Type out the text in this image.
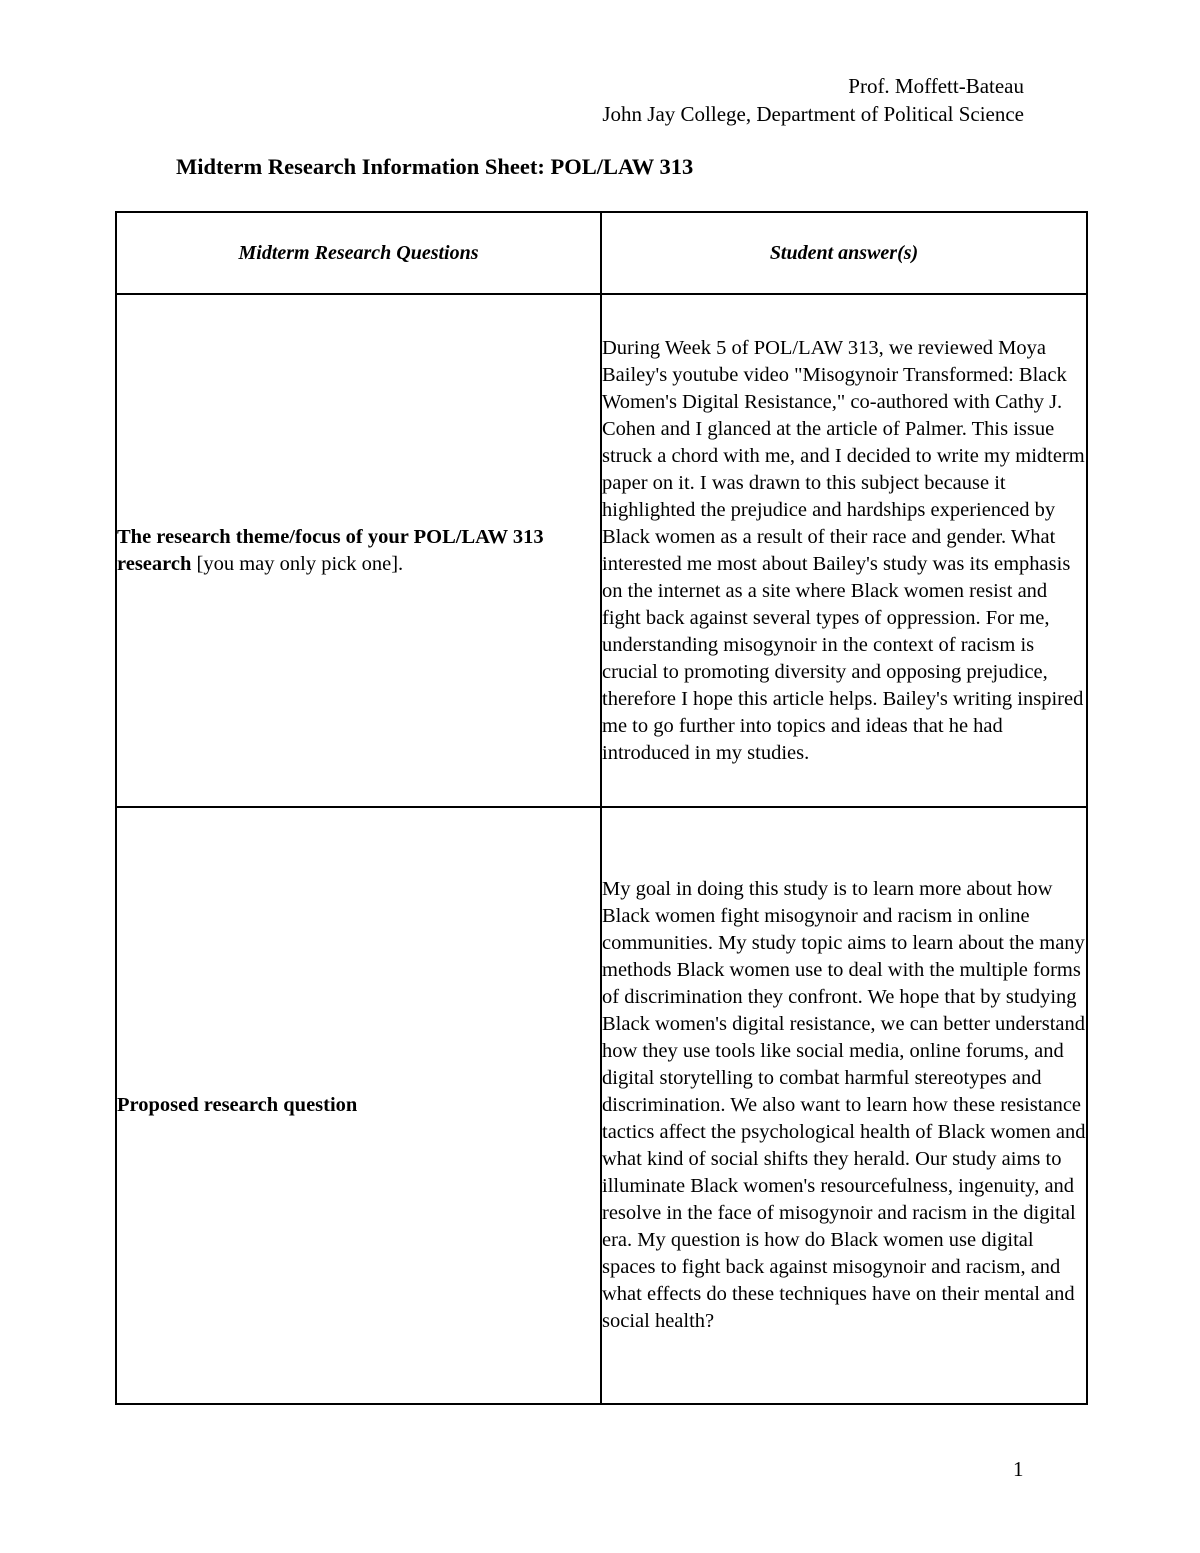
Prof. Moffett-Bateau
John Jay College, Department of Political Science
Midterm Research Information Sheet: POL/LAW 313
Midterm Research Questions	Student answer(s)
The research theme/focus of your POL/LAW 313 research [you may only pick one].	During Week 5 of POL/LAW 313, we reviewed Moya Bailey's youtube video "Misogynoir Transformed: Black Women's Digital Resistance," co-authored with Cathy J. Cohen and I glanced at the article of Palmer. This issue struck a chord with me, and I decided to write my midterm paper on it. I was drawn to this subject because it highlighted the prejudice and hardships experienced by Black women as a result of their race and gender. What interested me most about Bailey's study was its emphasis on the internet as a site where Black women resist and fight back against several types of oppression. For me, understanding misogynoir in the context of racism is crucial to promoting diversity and opposing prejudice, therefore I hope this article helps. Bailey's writing inspired me to go further into topics and ideas that he had introduced in my studies.
Proposed research question	My goal in doing this study is to learn more about how Black women fight misogynoir and racism in online communities. My study topic aims to learn about the many methods Black women use to deal with the multiple forms of discrimination they confront. We hope that by studying Black women's digital resistance, we can better understand how they use tools like social media, online forums, and digital storytelling to combat harmful stereotypes and discrimination. We also want to learn how these resistance tactics affect the psychological health of Black women and what kind of social shifts they herald. Our study aims to illuminate Black women's resourcefulness, ingenuity, and resolve in the face of misogynoir and racism in the digital era. My question is how do Black women use digital spaces to fight back against misogynoir and racism, and what effects do these techniques have on their mental and social health?
1
